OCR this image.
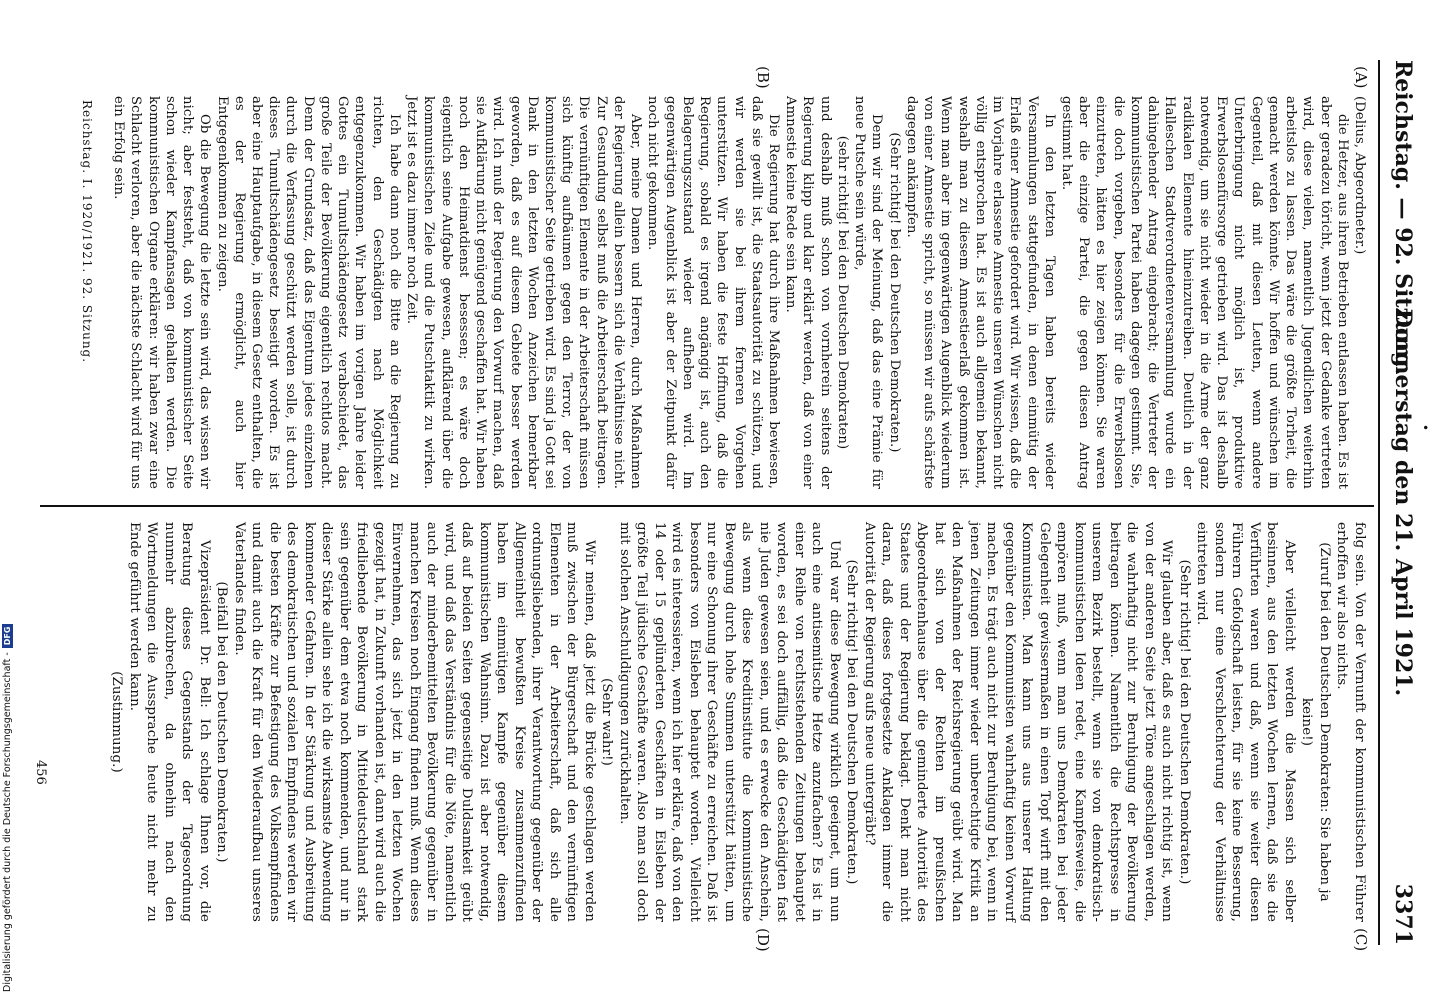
Reichstag. — 92. Sitzung.
Donnerstag den 21. April 1921.
3371
•
(A)
(B)
(C)
(D)

(Delius, Abgeordneter.)

die Hetzer, aus ihren Betrieben entlassen haben. Es ist aber geradezu töricht, wenn jetzt der Gedanke vertreten wird, diese vielen, namentlich Jugendlichen weiterhin arbeitslos zu lassen. Das wäre die größte Torheit, die gemacht werden könnte. Wir hoffen und wünschen im Gegenteil, daß mit diesen Leuten, wenn andere Unterbringung nicht möglich ist, produktive Erwerbslosenfürsorge getrieben wird. Das ist deshalb notwendig, um sie nicht wieder in die Arme der ganz radikalen Elemente hineinzutreiben. Deutlich in der Halleschen Stadtverordnetenversammlung wurde ein dahingehender Antrag eingebracht; die Vertreter der kommunistischen Partei haben dagegen gestimmt. Sie, die doch vorgeben, besonders für die Erwerbslosen einzutreten, hätten es hier zeigen können. Sie waren aber die einzige Partei, die gegen diesen Antrag gestimmt hat.

In den letzten Tagen haben bereits wieder Versammlungen stattgefunden, in denen einmütig der Erlaß einer Amnestie gefordert wird. Wir wissen, daß die im Vorjahre erlassene Amnestie unseren Wünschen nicht völlig entsprochen hat. Es ist auch allgemein bekannt, weshalb man zu diesem Amnestieerlaß gekommen ist. Wenn man aber im gegenwärtigen Augenblick wiederum von einer Amnestie spricht, so müssen wir aufs schärfste dagegen ankämpfen.

(Sehr richtig! bei den Deutschen Demokraten.)

Denn wir sind der Meinung, daß das eine Prämie für neue Putsche sein würde,

(sehr richtig! bei den Deutschen Demokraten)

und deshalb muß schon von vornherein seitens der Regierung klipp und klar erklärt werden, daß von einer Amnestie keine Rede sein kann.

Die Regierung hat durch ihre Maßnahmen bewiesen, daß sie gewillt ist, die Staatsautorität zu schützen, und wir werden sie bei ihrem ferneren Vorgehen unterstützen. Wir haben die feste Hoffnung, daß die Regierung, sobald es irgend angängig ist, auch den Belagerungszustand wieder aufheben wird. Im gegenwärtigen Augenblick ist aber der Zeitpunkt dafür noch nicht gekommen.

Aber, meine Damen und Herren, durch Maßnahmen der Regierung allein bessern sich die Verhältnisse nicht. Zur Gesundung selbst muß die Arbeiterschaft beitragen. Die vernünftigen Elemente in der Arbeiterschaft müssen sich künftig aufbäumen gegen den Terror, der von kommunistischer Seite getrieben wird. Es sind ja Gott sei Dank in den letzten Wochen Anzeichen bemerkbar geworden, daß es auf diesem Gebiete besser werden wird. Ich muß der Regierung den Vorwurf machen, daß sie Aufklärung nicht genügend geschaffen hat. Wir haben noch den Heimatdienst besessen; es wäre doch eigentlich seine Aufgabe gewesen, aufklärend über die kommunistischen Ziele und die Putschtaktik zu wirken. Jetzt ist es dazu immer noch Zeit.

Ich habe dann noch die Bitte an die Regierung zu richten, den Geschädigten nach Möglichkeit entgegenzukommen. Wir haben im vorigen Jahre leider Gottes ein Tumultschädengesetz verabschiedet, das große Teile der Bevölkerung eigentlich rechtlos macht. Denn der Grundsatz, daß das Eigentum jedes einzelnen durch die Verfassung geschützt werden solle, ist durch dieses Tumultschädengesetz beseitigt worden. Es ist aber eine Hauptaufgabe, in diesem Gesetz enthalten, die es der Regierung ermöglicht, auch hier Entgegenkommen zu zeigen.

Ob die Bewegung die letzte sein wird, das wissen wir nicht; aber feststeht, daß von kommunistischer Seite schon wieder Kampfansagen gehalten werden. Die kommunistischen Organe erklären: wir haben zwar eine Schlacht verloren, aber die nächste Schlacht wird für uns ein Erfolg sein.

folg sein. Von der Vernunft der kommunistischen Führer erhoffen wir also nichts.

(Zuruf bei den Deutschen Demokraten: Sie haben ja keine!)

Aber vielleicht werden die Massen sich selber besinnen, aus den letzten Wochen lernen, daß sie die Verführten waren und daß, wenn sie weiter diesen Führern Gefolgschaft leisten, für sie keine Besserung, sondern nur eine Verschlechterung der Verhältnisse eintreten wird.

(Sehr richtig! bei den Deutschen Demokraten.)

Wir glauben aber, daß es auch nicht richtig ist, wenn von der anderen Seite jetzt Töne angeschlagen werden, die wahrhaftig nicht zur Beruhigung der Bevölkerung beitragen können. Namentlich die Rechtspresse in unserem Bezirk bestellt, wenn sie von demokratisch-kommunistischen Ideen redet, eine Kampfesweise, die empören muß, wenn man uns Demokraten bei jeder Gelegenheit gewissermaßen in einen Topf wirft mit den Kommunisten. Man kann uns aus unserer Haltung gegenüber den Kommunisten wahrhaftig keinen Vorwurf machen. Es trägt auch nicht zur Beruhigung bei, wenn in jenen Zeitungen immer wieder unberechtigte Kritik an den Maßnahmen der Reichsregierung geübt wird. Man hat sich von der Rechten im preußischen Abgeordnetenhause über die geminderte Autorität des Staates und der Regierung beklagt. Denkt man nicht daran, daß dieses fortgesetzte Anklagen immer die Autorität der Regierung aufs neue untergräbt?

(Sehr richtig! bei den Deutschen Demokraten.)

Und war diese Bewegung wirklich geeignet, um nun auch eine antisemitische Hetze anzufachen? Es ist in einer Reihe von rechtsstehenden Zeitungen behauptet worden, es sei doch auffällig, daß die Geschädigten fast nie Juden gewesen seien, und es erwecke den Anschein, als wenn diese Kreditinstitute die kommunistische Bewegung durch hohe Summen unterstützt hätten, um nur eine Schonung ihrer Geschäfte zu erreichen. Daß ist besonders von Eisleben behauptet worden. Vielleicht wird es interessieren, wenn ich hier erkläre, daß von den 14 oder 15 geplünderten Geschäften in Eisleben der größte Teil jüdische Geschäfte waren. Also man soll doch mit solchen Anschuldigungen zurückhalten.

(Sehr wahr!)

Wir meinen, daß jetzt die Brücke geschlagen werden muß zwischen der Bürgerschaft und den vernünftigen Elementen in der Arbeiterschaft, daß sich alle ordnungsliebenden, ihrer Verantwortung gegenüber der Allgemeinheit bewußten Kreise zusammenzufinden haben im einmütigen Kampfe gegenüber diesem kommunistischen Wahnsinn. Dazu ist aber notwendig, daß auf beiden Seiten gegenseitige Duldsamkeit geübt wird, und daß das Verständnis für die Nöte, namentlich auch der minderbemittelten Bevölkerung gegenüber in manchen Kreisen noch Eingang finden muß. Wenn dieses Einvernehmen, das sich jetzt in den letzten Wochen gezeigt hat, in Zukunft vorhanden ist, dann wird auch die friedliebende Bevölkerung in Mitteldeutschland stark sein gegenüber dem etwa noch kommenden, und nur in dieser Stärke allein sehe ich die wirksamste Abwendung kommender Gefahren. In der Stärkung und Ausbreitung des demokratischen und sozialen Empfindens werden wir die besten Kräfte zur Befestigung des Volksempfindens und damit auch die Kraft für den Wiederaufbau unseres Vaterlandes finden.

(Beifall bei den Deutschen Demokraten.)

Vizepräsident Dr. Bell: Ich schlage Ihnen vor, die Beratung dieses Gegenstands der Tagesordnung nunmehr abzubrechen, da ohnehin nach den Wortmeldungen die Aussprache heute nicht mehr zu Ende geführt werden kann.

(Zustimmung.)

Reichstag. I. 1920/1921. 92. Sitzung.
456
Digitalisierung gefördert durch die Deutsche Forschungsgemeinschaft -DFG
